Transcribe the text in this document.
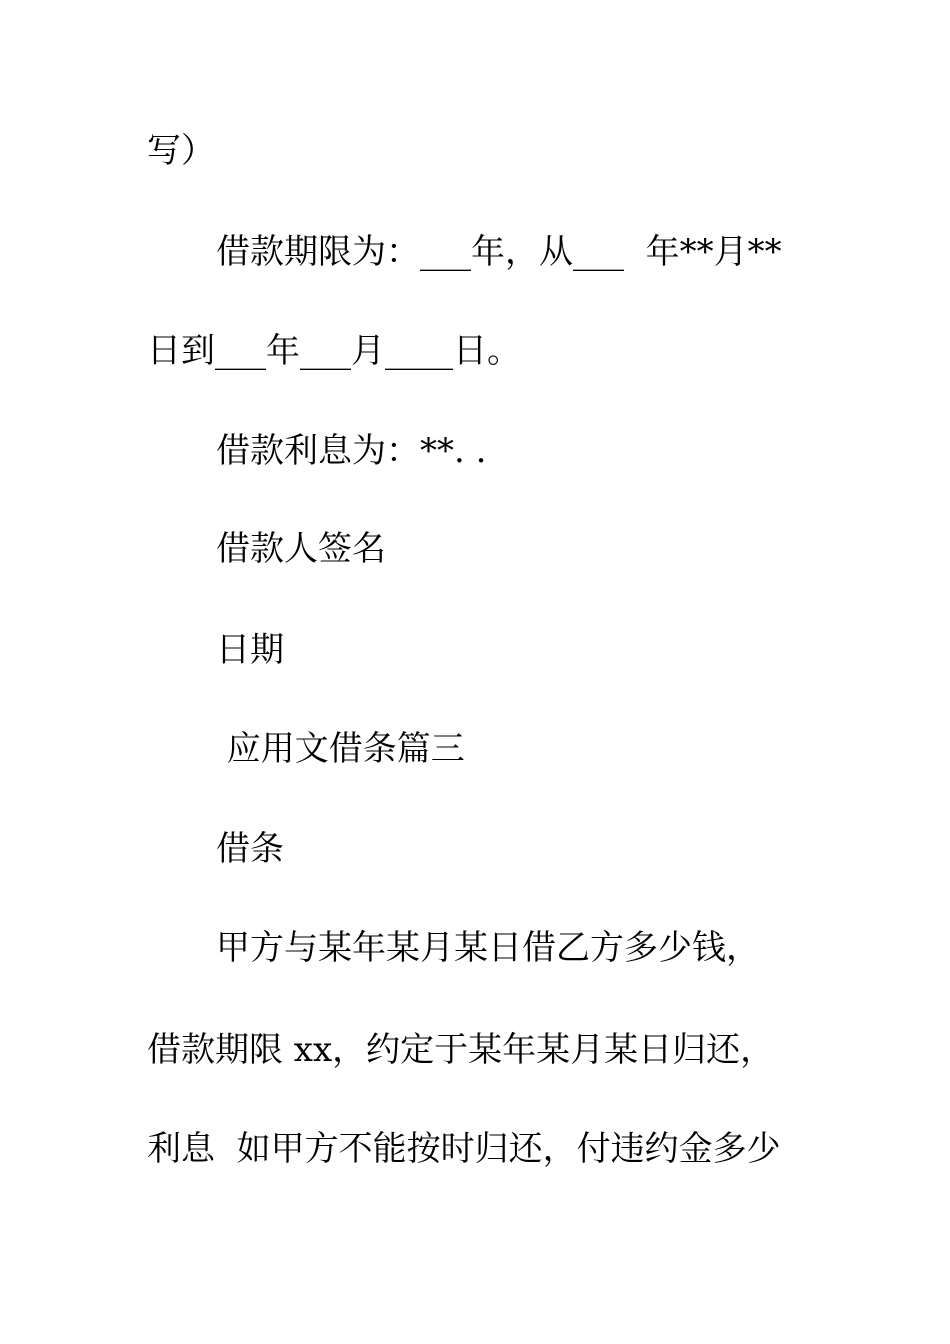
写）
借款期限为：___年，从___  年**月**
日到___年___月____日。
借款利息为：**. .
借款人签名
日期
应用文借条篇三
借条
甲方与某年某月某日借乙方多少钱，
借款期限 xx，约定于某年某月某日归还，
利息  如甲方不能按时归还，付违约金多少
